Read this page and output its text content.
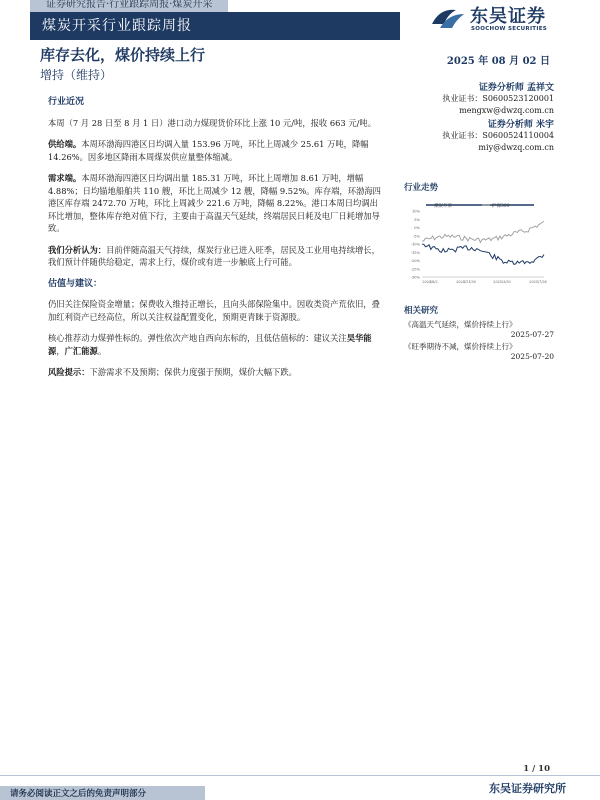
证券研究报告·行业跟踪周报·煤炭开采
煤炭开采行业跟踪周报	东吴证券
SOOCHOW SECURITIES
库存去化，煤价持续上行	2025 年 08 月 02 日
增持（维持）
行业近况

本周（7 月 28 日至 8 月 1 日）港口动力煤现货价环比上涨 10 元/吨，报收 663 元/吨。

供给端。本周环渤海四港区日均调入量 153.96 万吨，环比上周减少 25.61 万吨，降幅 14.26%。因多地区降雨本周煤炭供应量整体缩减。

需求端。本周环渤海四港区日均调出量 185.31 万吨，环比上周增加 8.61 万吨，增幅 4.88%；日均锚地船舶共 110 艘，环比上周减少 12 艘，降幅 9.52%。库存端，环渤海四港区库存端 2472.70 万吨，环比上周减少 221.6 万吨，降幅 8.22%。港口本周日均调出环比增加，整体库存绝对值下行，主要由于高温天气延续，终端居民日耗及电厂日耗增加导致。

我们分析认为：目前伴随高温天气持续，煤炭行业已进入旺季，居民及工业用电持续增长，我们预计伴随供给稳定，需求上行，煤价或有进一步触底上行可能。

估值与建议：

仍旧关注保险资金增量；保费收入维持正增长，且向头部保险集中。因收类资产荒依旧，叠加红利资产已经高位，所以关注权益配置变化，预期更青睐于资源股。

核心推荐动力煤弹性标的。弹性依次产地自西向东标的，且低估值标的：建议关注昊华能源，广汇能源。

风险提示：下游需求不及预期；保供力度强于预期，煤价大幅下跌。

证券分析师 孟祥文
执业证书：S0600523120001
mengxw@dwzq.com.cn
证券分析师 米宇
执业证书：S0600524110004
miy@dwzq.com.cn
行业走势
煤炭开采	沪深300
10%
5%
0%
-5%
-10%
-15%
-20%
-25%
-30%
2024/8/2	2024/11/30	2025/3/30	2025/7/28
相关研究
《高温天气延续，煤价持续上行》
2025-07-27
《旺季期待不减，煤价持续上行》
2025-07-20
1 / 10
请务必阅读正文之后的免责声明部分	东吴证券研究所
